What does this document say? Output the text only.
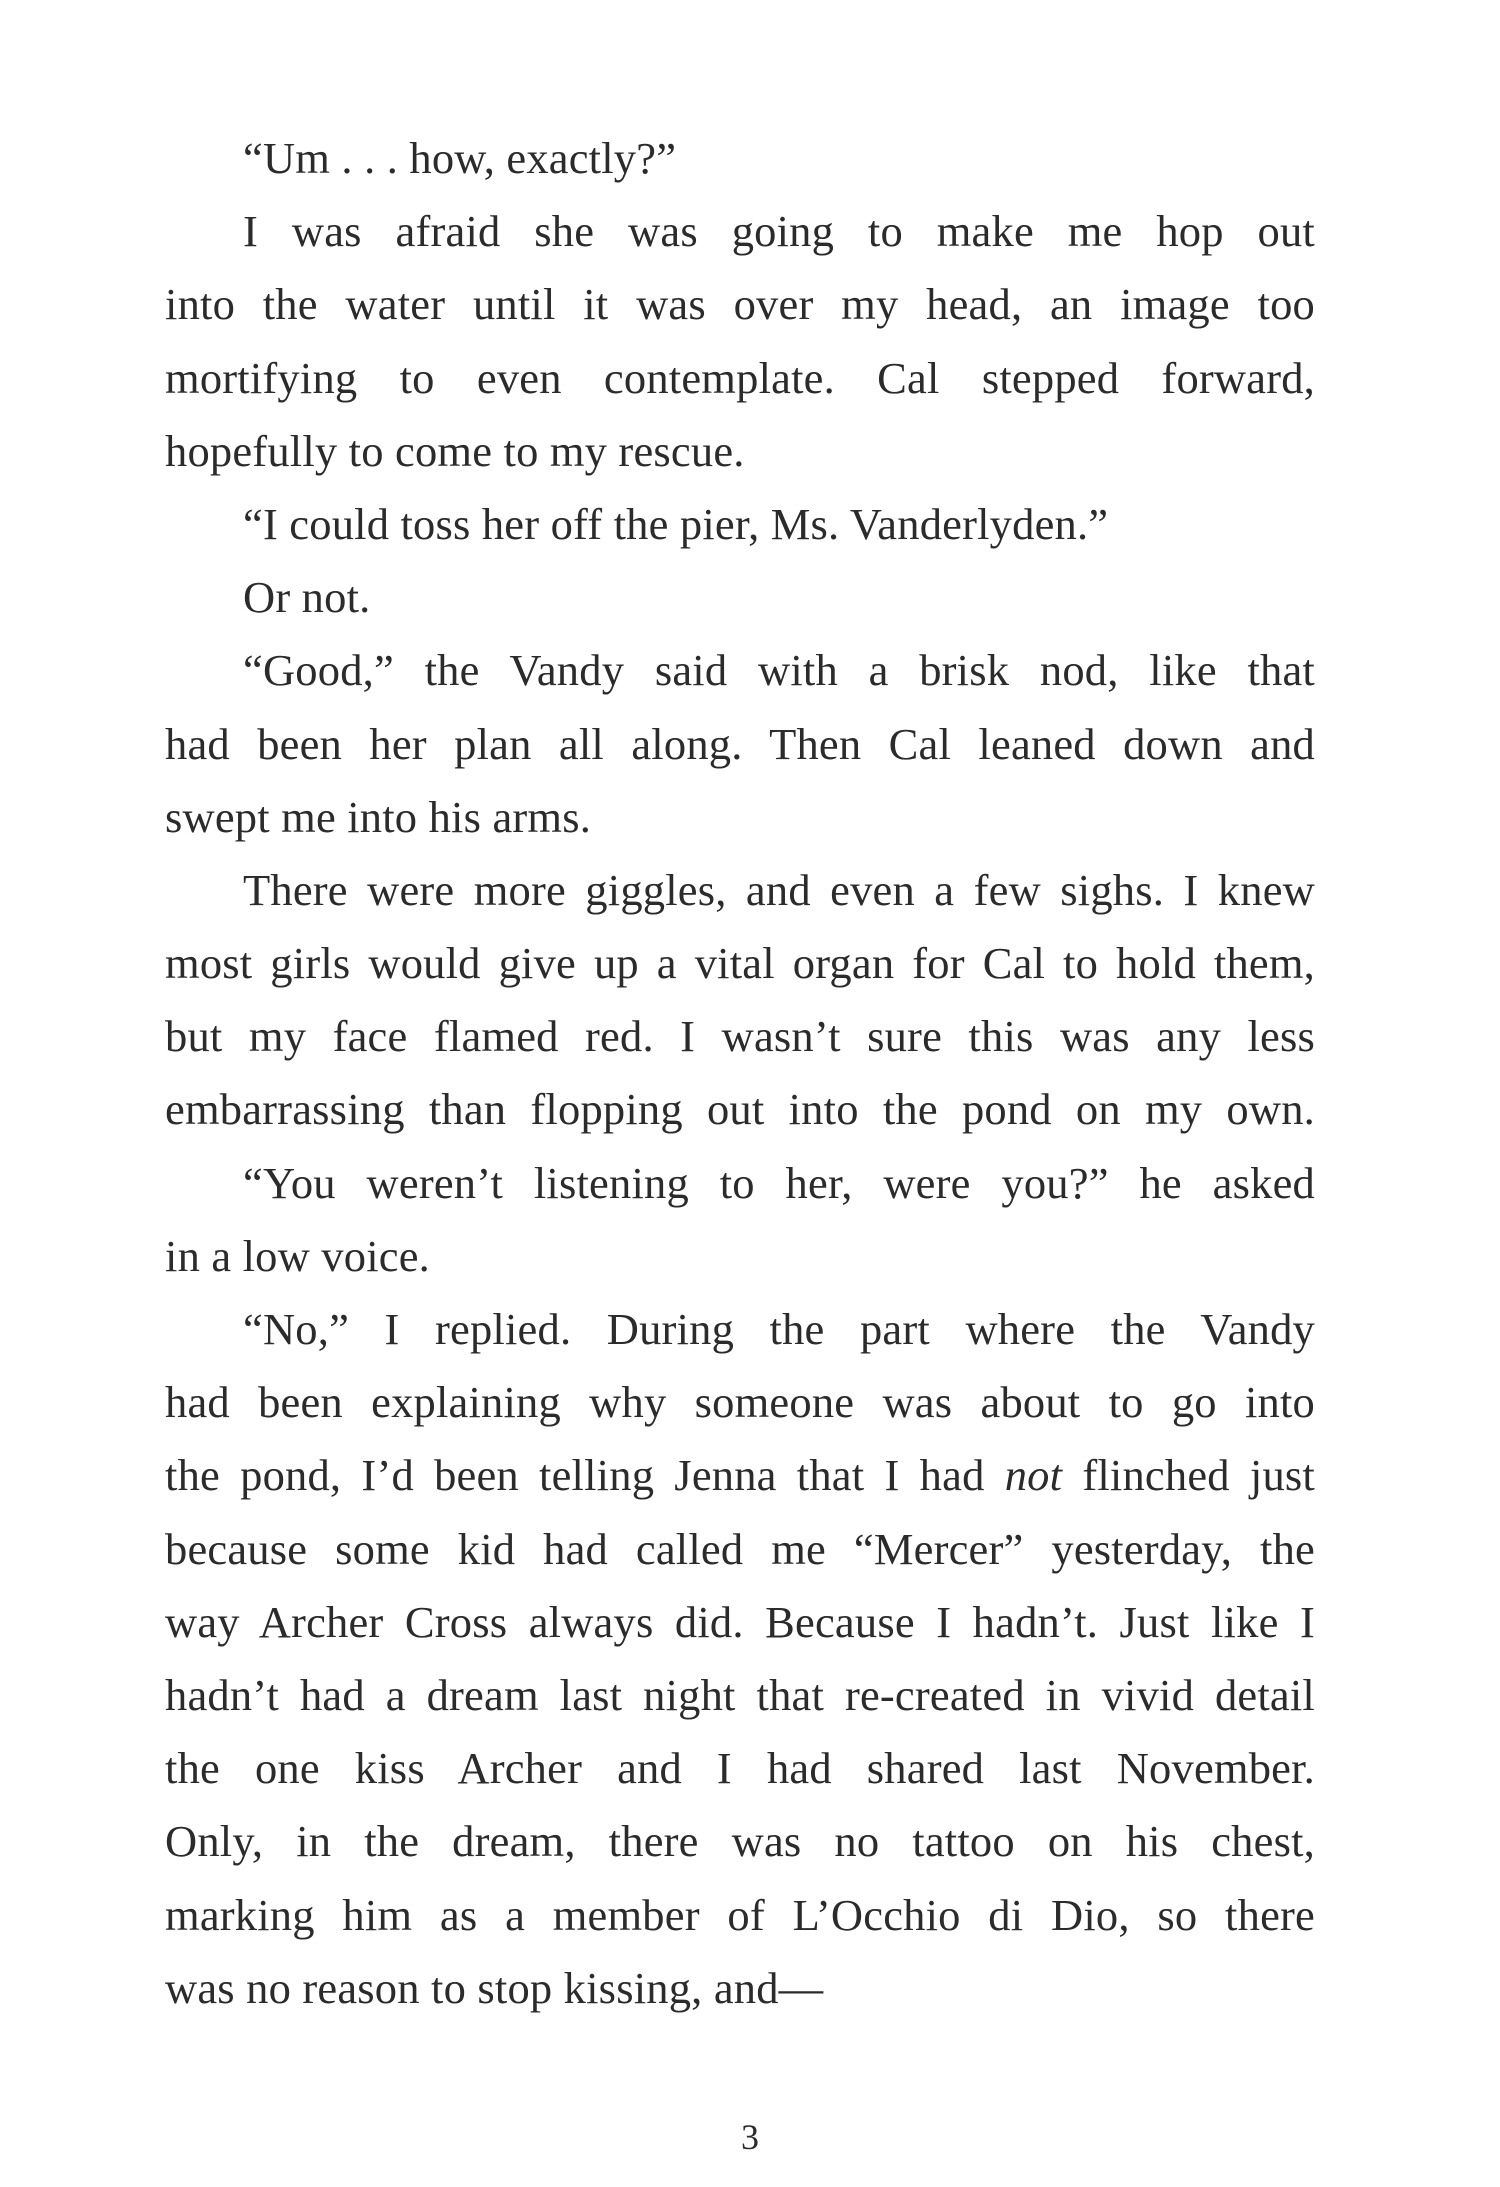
“Um . . . how, exactly?”
I was afraid she was going to make me hop out
into the water until it was over my head, an image too
mortifying to even contemplate. Cal stepped forward,
hopefully to come to my rescue.
“I could toss her off the pier, Ms. Vanderlyden.”
Or not.
“Good,” the Vandy said with a brisk nod, like that
had been her plan all along. Then Cal leaned down and
swept me into his arms.
There were more giggles, and even a few sighs. I knew
most girls would give up a vital organ for Cal to hold them,
but my face flamed red. I wasn’t sure this was any less
embarrassing than flopping out into the pond on my own.
“You weren’t listening to her, were you?” he asked
in a low voice.
“No,” I replied. During the part where the Vandy
had been explaining why someone was about to go into
the pond, I’d been telling Jenna that I had not flinched just
because some kid had called me “Mercer” yesterday, the
way Archer Cross always did. Because I hadn’t. Just like I
hadn’t had a dream last night that re-created in vivid detail
the one kiss Archer and I had shared last November.
Only, in the dream, there was no tattoo on his chest,
marking him as a member of L’Occhio di Dio, so there
was no reason to stop kissing, and—
3
